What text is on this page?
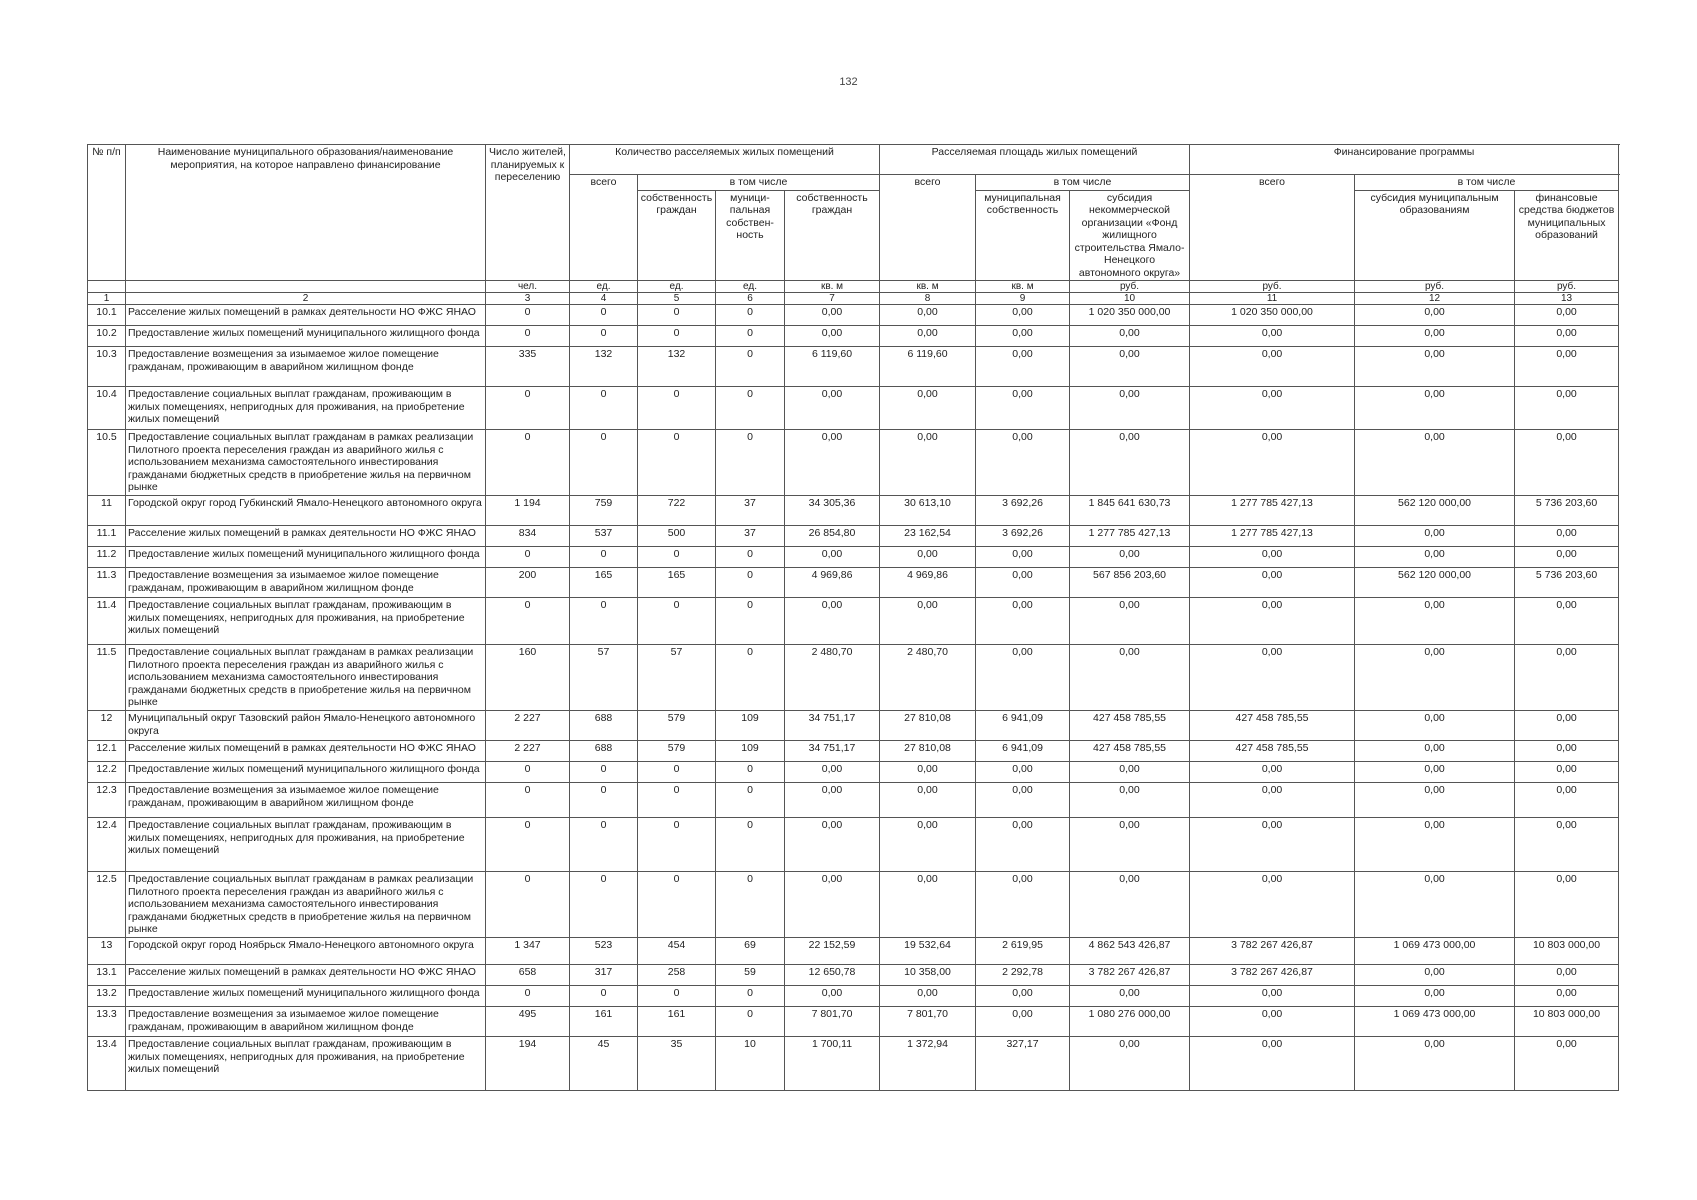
132
№ п/п	Наименование муниципального образования/наименование мероприятия, на которое направлено финансирование	Число жителей, планируемых к переселению	Количество расселяемых жилых помещений				Расселяемая площадь жилых помещений			Финансирование программы		
			всего	в том числе			всего	в том числе		всего	в том числе	
				собственность граждан	муници-пальная собствен-ность	собственность граждан		муниципальная собственность	субсидия некоммерческой организации «Фонд жилищного строительства Ямало-Ненецкого автономного округа»		субсидия муниципальным образованиям	финансовые средства бюджетов муниципальных образований
		чел.	ед.	ед.	ед.	кв. м	кв. м	кв. м	руб.	руб.	руб.	руб.
1	2	3	4	5	6	7	8	9	10	11	12	13
10.1	Расселение жилых помещений в рамках деятельности НО ФЖС ЯНАО	0	0	0	0	0,00	0,00	0,00	1 020 350 000,00	1 020 350 000,00	0,00	0,00
10.2	Предоставление жилых помещений муниципального жилищного фонда	0	0	0	0	0,00	0,00	0,00	0,00	0,00	0,00	0,00
10.3	Предоставление возмещения за изымаемое жилое помещение гражданам, проживающим в аварийном жилищном фонде	335	132	132	0	6 119,60	6 119,60	0,00	0,00	0,00	0,00	0,00
10.4	Предоставление социальных выплат гражданам, проживающим в жилых помещениях, непригодных для проживания, на приобретение жилых помещений	0	0	0	0	0,00	0,00	0,00	0,00	0,00	0,00	0,00
10.5	Предоставление социальных выплат гражданам в рамках реализации Пилотного проекта переселения граждан из аварийного жилья с использованием механизма самостоятельного инвестирования гражданами бюджетных средств в приобретение жилья на первичном рынке	0	0	0	0	0,00	0,00	0,00	0,00	0,00	0,00	0,00
11	Городской округ город Губкинский Ямало-Ненецкого автономного округа	1 194	759	722	37	34 305,36	30 613,10	3 692,26	1 845 641 630,73	1 277 785 427,13	562 120 000,00	5 736 203,60
11.1	Расселение жилых помещений в рамках деятельности НО ФЖС ЯНАО	834	537	500	37	26 854,80	23 162,54	3 692,26	1 277 785 427,13	1 277 785 427,13	0,00	0,00
11.2	Предоставление жилых помещений муниципального жилищного фонда	0	0	0	0	0,00	0,00	0,00	0,00	0,00	0,00	0,00
11.3	Предоставление возмещения за изымаемое жилое помещение гражданам, проживающим в аварийном жилищном фонде	200	165	165	0	4 969,86	4 969,86	0,00	567 856 203,60	0,00	562 120 000,00	5 736 203,60
11.4	Предоставление социальных выплат гражданам, проживающим в жилых помещениях, непригодных для проживания, на приобретение жилых помещений	0	0	0	0	0,00	0,00	0,00	0,00	0,00	0,00	0,00
11.5	Предоставление социальных выплат гражданам в рамках реализации Пилотного проекта переселения граждан из аварийного жилья с использованием механизма самостоятельного инвестирования гражданами бюджетных средств в приобретение жилья на первичном рынке	160	57	57	0	2 480,70	2 480,70	0,00	0,00	0,00	0,00	0,00
12	Муниципальный округ Тазовский район Ямало-Ненецкого автономного округа	2 227	688	579	109	34 751,17	27 810,08	6 941,09	427 458 785,55	427 458 785,55	0,00	0,00
12.1	Расселение жилых помещений в рамках деятельности НО ФЖС ЯНАО	2 227	688	579	109	34 751,17	27 810,08	6 941,09	427 458 785,55	427 458 785,55	0,00	0,00
12.2	Предоставление жилых помещений муниципального жилищного фонда	0	0	0	0	0,00	0,00	0,00	0,00	0,00	0,00	0,00
12.3	Предоставление возмещения за изымаемое жилое помещение гражданам, проживающим в аварийном жилищном фонде	0	0	0	0	0,00	0,00	0,00	0,00	0,00	0,00	0,00
12.4	Предоставление социальных выплат гражданам, проживающим в жилых помещениях, непригодных для проживания, на приобретение жилых помещений	0	0	0	0	0,00	0,00	0,00	0,00	0,00	0,00	0,00
12.5	Предоставление социальных выплат гражданам в рамках реализации Пилотного проекта переселения граждан из аварийного жилья с использованием механизма самостоятельного инвестирования гражданами бюджетных средств в приобретение жилья на первичном рынке	0	0	0	0	0,00	0,00	0,00	0,00	0,00	0,00	0,00
13	Городской округ город Ноябрьск Ямало-Ненецкого автономного округа	1 347	523	454	69	22 152,59	19 532,64	2 619,95	4 862 543 426,87	3 782 267 426,87	1 069 473 000,00	10 803 000,00
13.1	Расселение жилых помещений в рамках деятельности НО ФЖС ЯНАО	658	317	258	59	12 650,78	10 358,00	2 292,78	3 782 267 426,87	3 782 267 426,87	0,00	0,00
13.2	Предоставление жилых помещений муниципального жилищного фонда	0	0	0	0	0,00	0,00	0,00	0,00	0,00	0,00	0,00
13.3	Предоставление возмещения за изымаемое жилое помещение гражданам, проживающим в аварийном жилищном фонде	495	161	161	0	7 801,70	7 801,70	0,00	1 080 276 000,00	0,00	1 069 473 000,00	10 803 000,00
13.4	Предоставление социальных выплат гражданам, проживающим в жилых помещениях, непригодных для проживания, на приобретение жилых помещений	194	45	35	10	1 700,11	1 372,94	327,17	0,00	0,00	0,00	0,00
